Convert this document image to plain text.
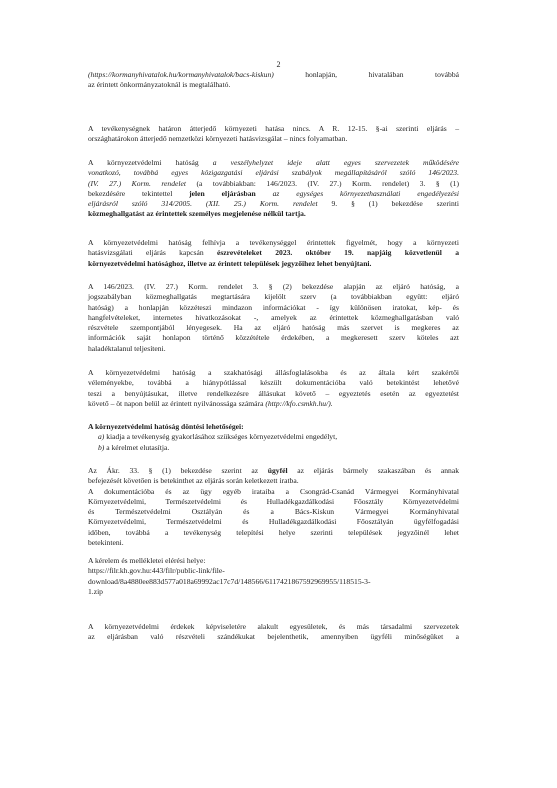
2
(https://kormanyhivatalok.hu/kormanyhivatalok/bacs-kiskun) honlapján, hivatalában továbbá
az érintett önkormányzatoknál is megtalálható.
A tevékenységnek határon átterjedő környezeti hatása nincs. A R. 12-15. §-ai szerinti eljárás –
országhatárokon átterjedő nemzetközi környezeti hatásvizsgálat – nincs folyamatban.
A környezetvédelmi hatóság a veszélyhelyzet ideje alatt egyes szervezetek működésére
vonatkozó, továbbá egyes közigazgatási eljárási szabályok megállapításáról szóló 146/2023.
(IV. 27.) Korm. rendelet (a továbbiakban: 146/2023. (IV. 27.) Korm. rendelet) 3. § (1)
bekezdésére tekintettel jelen eljárásban az egységes környezethasználati engedélyezési
eljárásról szóló 314/2005. (XII. 25.) Korm. rendelet 9. § (1) bekezdése szerinti
közmeghallgatást az érintettek személyes megjelenése nélkül tartja.
A környezetvédelmi hatóság felhívja a tevékenységgel érintettek figyelmét, hogy a környezeti
hatásvizsgálati eljárás kapcsán észrevételeket 2023. október 19. napjáig közvetlenül a
környezetvédelmi hatósághoz, illetve az érintett települések jegyzőihez lehet benyújtani.
A 146/2023. (IV. 27.) Korm. rendelet 3. § (2) bekezdése alapján az eljáró hatóság, a
jogszabályban közmeghallgatás megtartására kijelölt szerv (a továbbiakban együtt: eljáró
hatóság) a honlapján közzéteszi mindazon információkat - így különösen iratokat, kép- és
hangfelvételeket, internetes hivatkozásokat -, amelyek az érintettek közmeghallgatásban való
részvétele szempontjából lényegesek. Ha az eljáró hatóság más szervet is megkeres az
információk saját honlapon történő közzététele érdekében, a megkeresett szerv köteles azt
haladéktalanul teljesíteni.
A környezetvédelmi hatóság a szakhatósági állásfoglalásokba és az általa kért szakértői
véleményekbe, továbbá a hiánypótlással készült dokumentációba való betekintést lehetővé
teszi a benyújtásukat, illetve rendelkezésre állásukat követő – egyeztetés esetén az egyeztetést
követő – öt napon belül az érintett nyilvánossága számára (http://kfo.csmkh.hu/).
A környezetvédelmi hatóság döntési lehetőségei:
a) kiadja a tevékenység gyakorlásához szükséges környezetvédelmi engedélyt,
b) a kérelmet elutasítja.
Az Ákr. 33. § (1) bekezdése szerint az ügyfél az eljárás bármely szakaszában és annak
befejezését követően is betekinthet az eljárás során keletkezett iratba.
A dokumentációba és az ügy egyéb irataiba a Csongrád-Csanád Vármegyei Kormányhivatal
Környezetvédelmi, Természetvédelmi és Hulladékgazdálkodási Főosztály Környezetvédelmi
és Természetvédelmi Osztályán és a Bács-Kiskun Vármegyei Kormányhivatal
Környezetvédelmi, Természetvédelmi és Hulladékgazdálkodási Főosztályán ügyfélfogadási
időben, továbbá a tevékenység telepítési helye szerinti települések jegyzőinél lehet
betekinteni.
A kérelem és mellékletei elérési helye:
https://filr.kh.gov.hu:443/filr/public-link/file-
download/8a4880ee883d577a018a69992ac17c7d/148566/6117421867592969955/118515-3-
1.zip
A környezetvédelmi érdekek képviseletére alakult egyesületek, és más társadalmi szervezetek
az eljárásban való részvételi szándékukat bejelenthetik, amennyiben ügyféli minőségüket a
